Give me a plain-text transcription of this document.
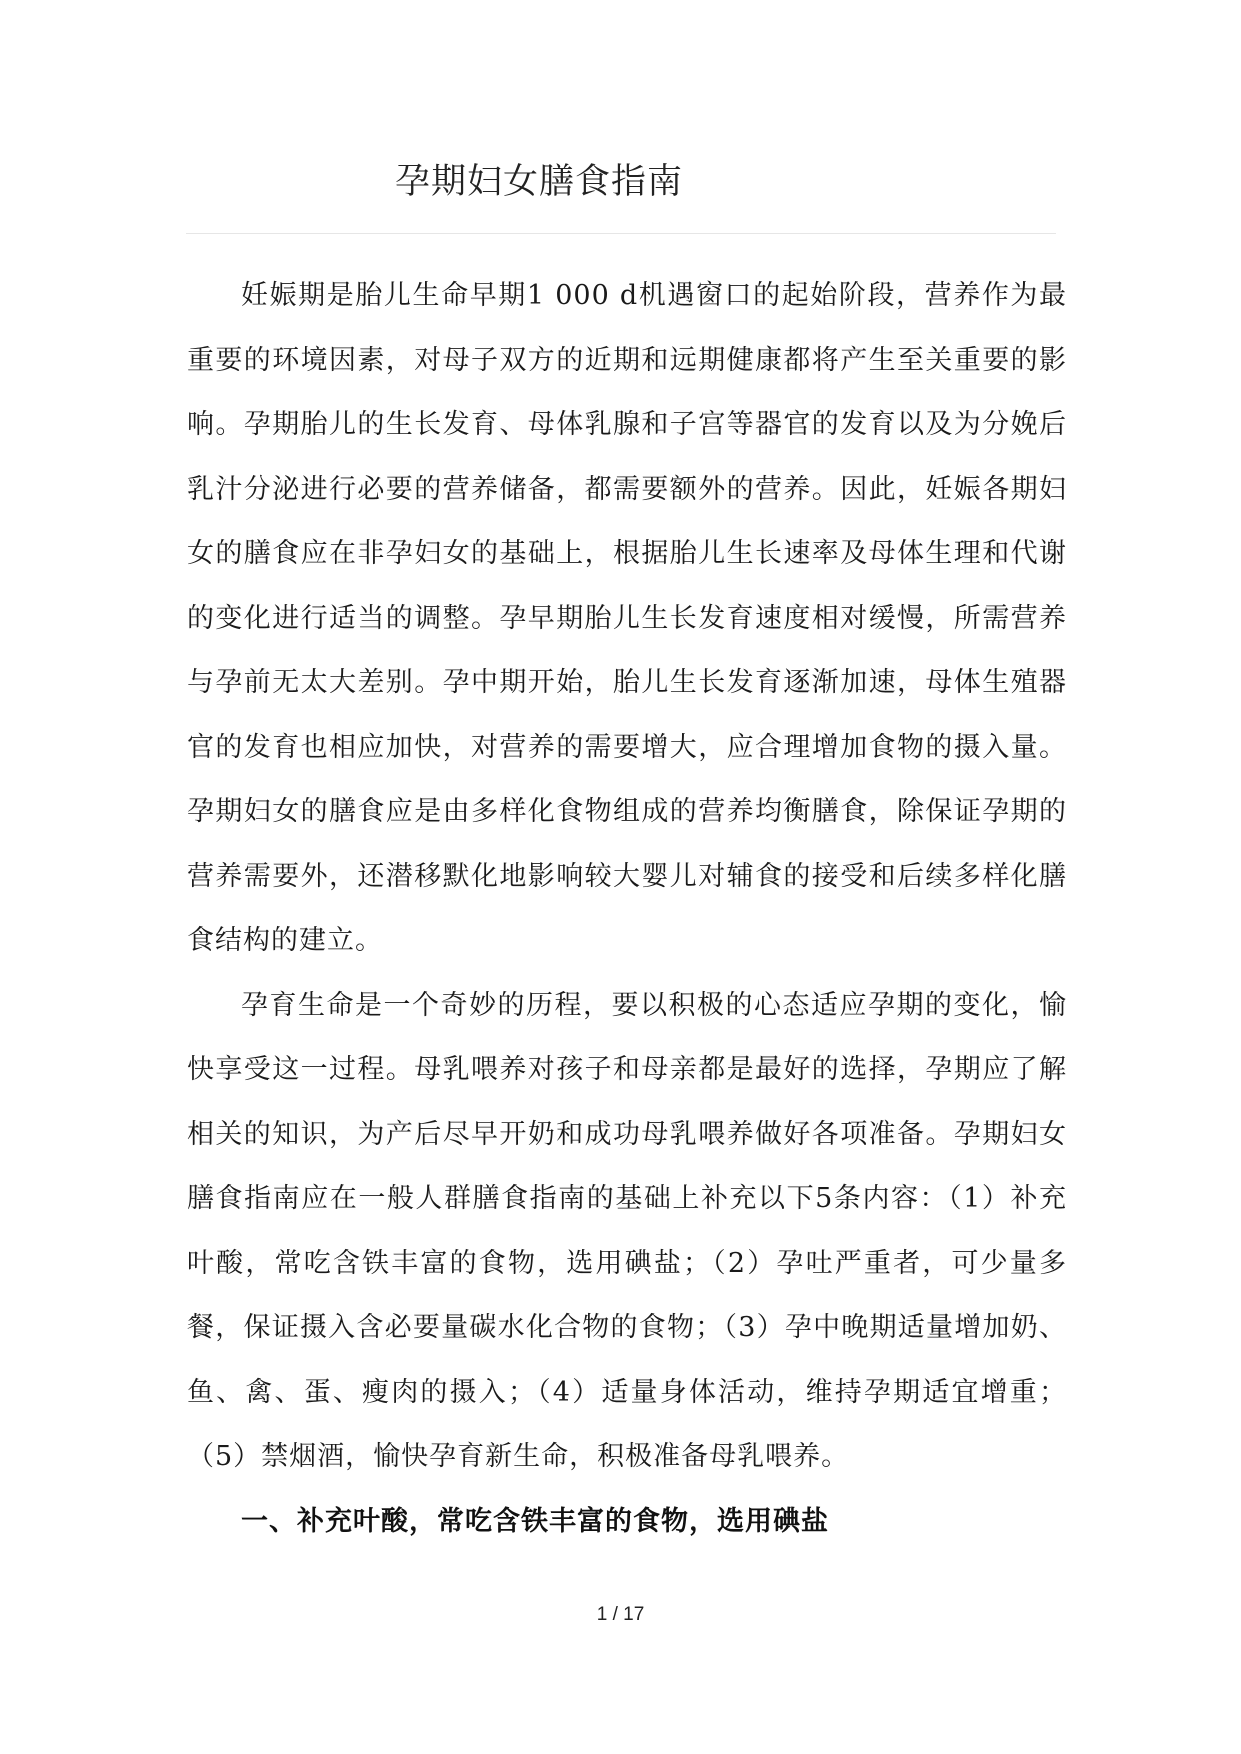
孕期妇女膳食指南

妊娠期是胎儿生命早期1 000 d机遇窗口的起始阶段，营养作为最重要的环境因素，对母子双方的近期和远期健康都将产生至关重要的影响。孕期胎儿的生长发育、母体乳腺和子宫等器官的发育以及为分娩后乳汁分泌进行必要的营养储备，都需要额外的营养。因此，妊娠各期妇女的膳食应在非孕妇女的基础上，根据胎儿生长速率及母体生理和代谢的变化进行适当的调整。孕早期胎儿生长发育速度相对缓慢，所需营养与孕前无太大差别。孕中期开始，胎儿生长发育逐渐加速，母体生殖器官的发育也相应加快，对营养的需要增大，应合理增加食物的摄入量。孕期妇女的膳食应是由多样化食物组成的营养均衡膳食，除保证孕期的营养需要外，还潜移默化地影响较大婴儿对辅食的接受和后续多样化膳食结构的建立。

孕育生命是一个奇妙的历程，要以积极的心态适应孕期的变化，愉快享受这一过程。母乳喂养对孩子和母亲都是最好的选择，孕期应了解相关的知识，为产后尽早开奶和成功母乳喂养做好各项准备。孕期妇女膳食指南应在一般人群膳食指南的基础上补充以下5条内容：（1）补充叶酸，常吃含铁丰富的食物，选用碘盐；（2）孕吐严重者，可少量多餐，保证摄入含必要量碳水化合物的食物；（3）孕中晚期适量增加奶、鱼、禽、蛋、瘦肉的摄入；（4）适量身体活动，维持孕期适宜增重；（5）禁烟酒，愉快孕育新生命，积极准备母乳喂养。

一、补充叶酸，常吃含铁丰富的食物，选用碘盐
1 / 17
